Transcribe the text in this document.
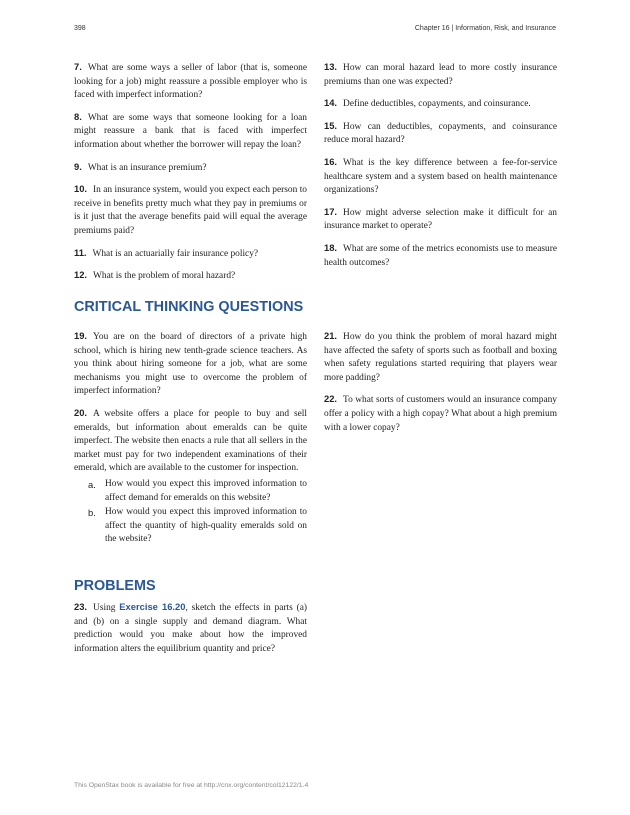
398	Chapter 16 | Information, Risk, and Insurance

7. What are some ways a seller of labor (that is, someone looking for a job) might reassure a possible employer who is faced with imperfect information?

8. What are some ways that someone looking for a loan might reassure a bank that is faced with imperfect information about whether the borrower will repay the loan?

9. What is an insurance premium?

10. In an insurance system, would you expect each person to receive in benefits pretty much what they pay in premiums or is it just that the average benefits paid will equal the average premiums paid?

11. What is an actuarially fair insurance policy?

12. What is the problem of moral hazard?

13. How can moral hazard lead to more costly insurance premiums than one was expected?

14. Define deductibles, copayments, and coinsurance.

15. How can deductibles, copayments, and coinsurance reduce moral hazard?

16. What is the key difference between a fee-for-service healthcare system and a system based on health maintenance organizations?

17. How might adverse selection make it difficult for an insurance market to operate?

18. What are some of the metrics economists use to measure health outcomes?

CRITICAL THINKING QUESTIONS

19. You are on the board of directors of a private high school, which is hiring new tenth-grade science teachers. As you think about hiring someone for a job, what are some mechanisms you might use to overcome the problem of imperfect information?

20. A website offers a place for people to buy and sell emeralds, but information about emeralds can be quite imperfect. The website then enacts a rule that all sellers in the market must pay for two independent examinations of their emerald, which are available to the customer for inspection.

a. How would you expect this improved information to affect demand for emeralds on this website?
b. How would you expect this improved information to affect the quantity of high-quality emeralds sold on the website?

21. How do you think the problem of moral hazard might have affected the safety of sports such as football and boxing when safety regulations started requiring that players wear more padding?

22. To what sorts of customers would an insurance company offer a policy with a high copay? What about a high premium with a lower copay?

PROBLEMS

23. Using Exercise 16.20, sketch the effects in parts (a) and (b) on a single supply and demand diagram. What prediction would you make about how the improved information alters the equilibrium quantity and price?

This OpenStax book is available for free at http://cnx.org/content/col12122/1.4
